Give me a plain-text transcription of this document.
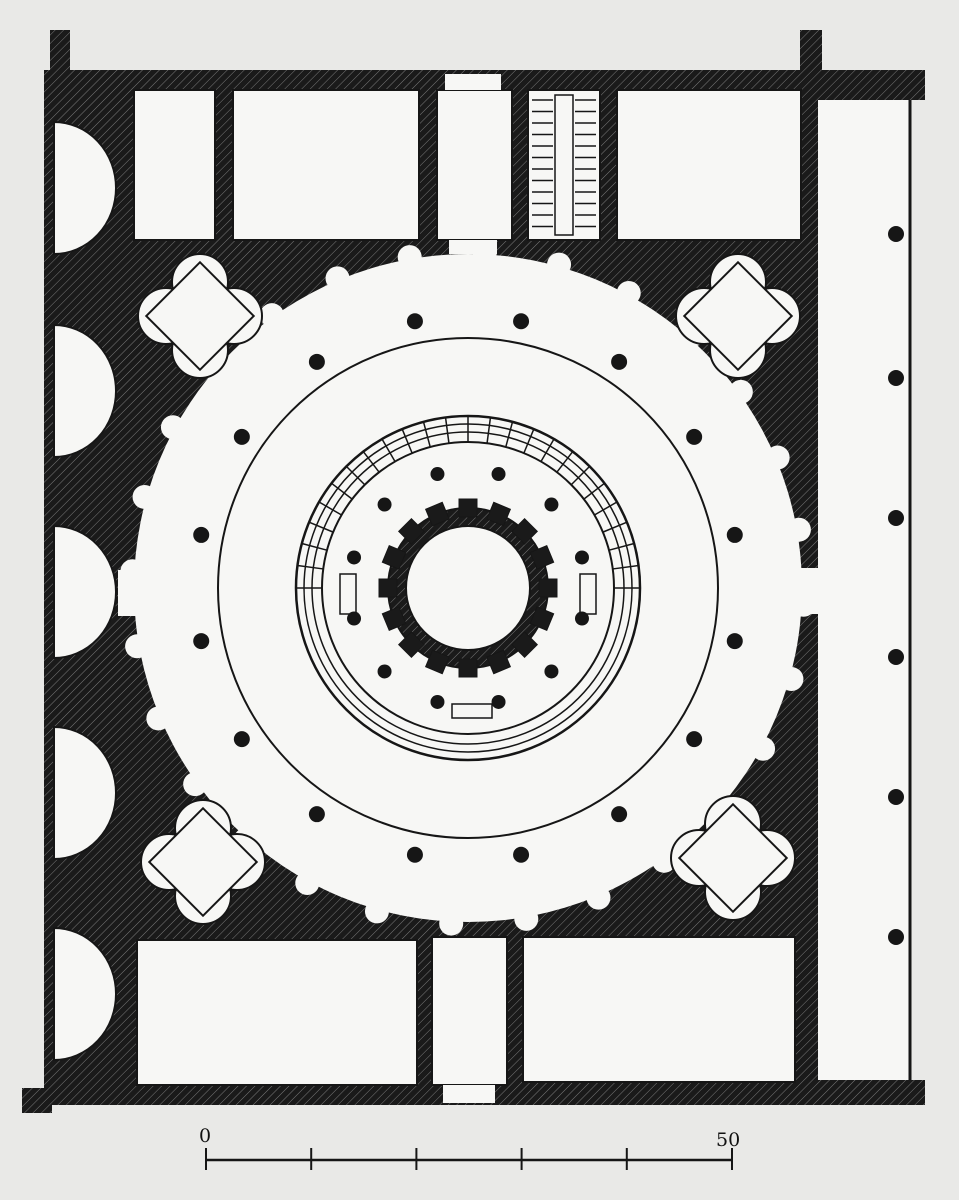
0	50
